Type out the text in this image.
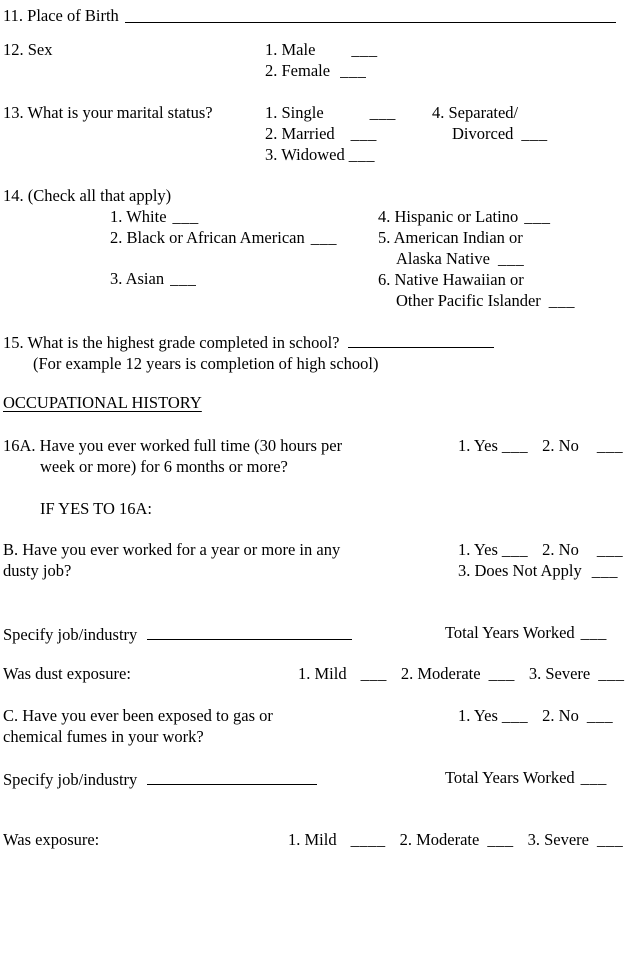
11. Place of Birth
12. Sex	1. Male ___
2. Female ___
13. What is your marital status?	1. Single	___
2. Married ___
3. Widowed ___
4. Separated/
Divorced ___
14. (Check all that apply)
1. White ___
2. Black or African American ___
3. Asian ___
4. Hispanic or Latino ___
5. American Indian or
Alaska Native ___
6. Native Hawaiian or
Other Pacific Islander ___
15. What is the highest grade completed in school?
(For example 12 years is completion of high school)
OCCUPATIONAL HISTORY
16A. Have you ever worked full time (30 hours per
week or more) for 6 months or more?
1. Yes ___ 2. No ___
IF YES TO 16A:
B. Have you ever worked for a year or more in any
dusty job?
1. Yes ___ 2. No ___
3. Does Not Apply ___
Specify job/industry	Total Years Worked ___
Was dust exposure:	1. Mild ___ 2. Moderate ___ 3. Severe ___
C. Have you ever been exposed to gas or
chemical fumes in your work?
1. Yes ___ 2. No ___
Specify job/industry	Total Years Worked ___
Was exposure:	1. Mild ____ 2. Moderate ___ 3. Severe ___
